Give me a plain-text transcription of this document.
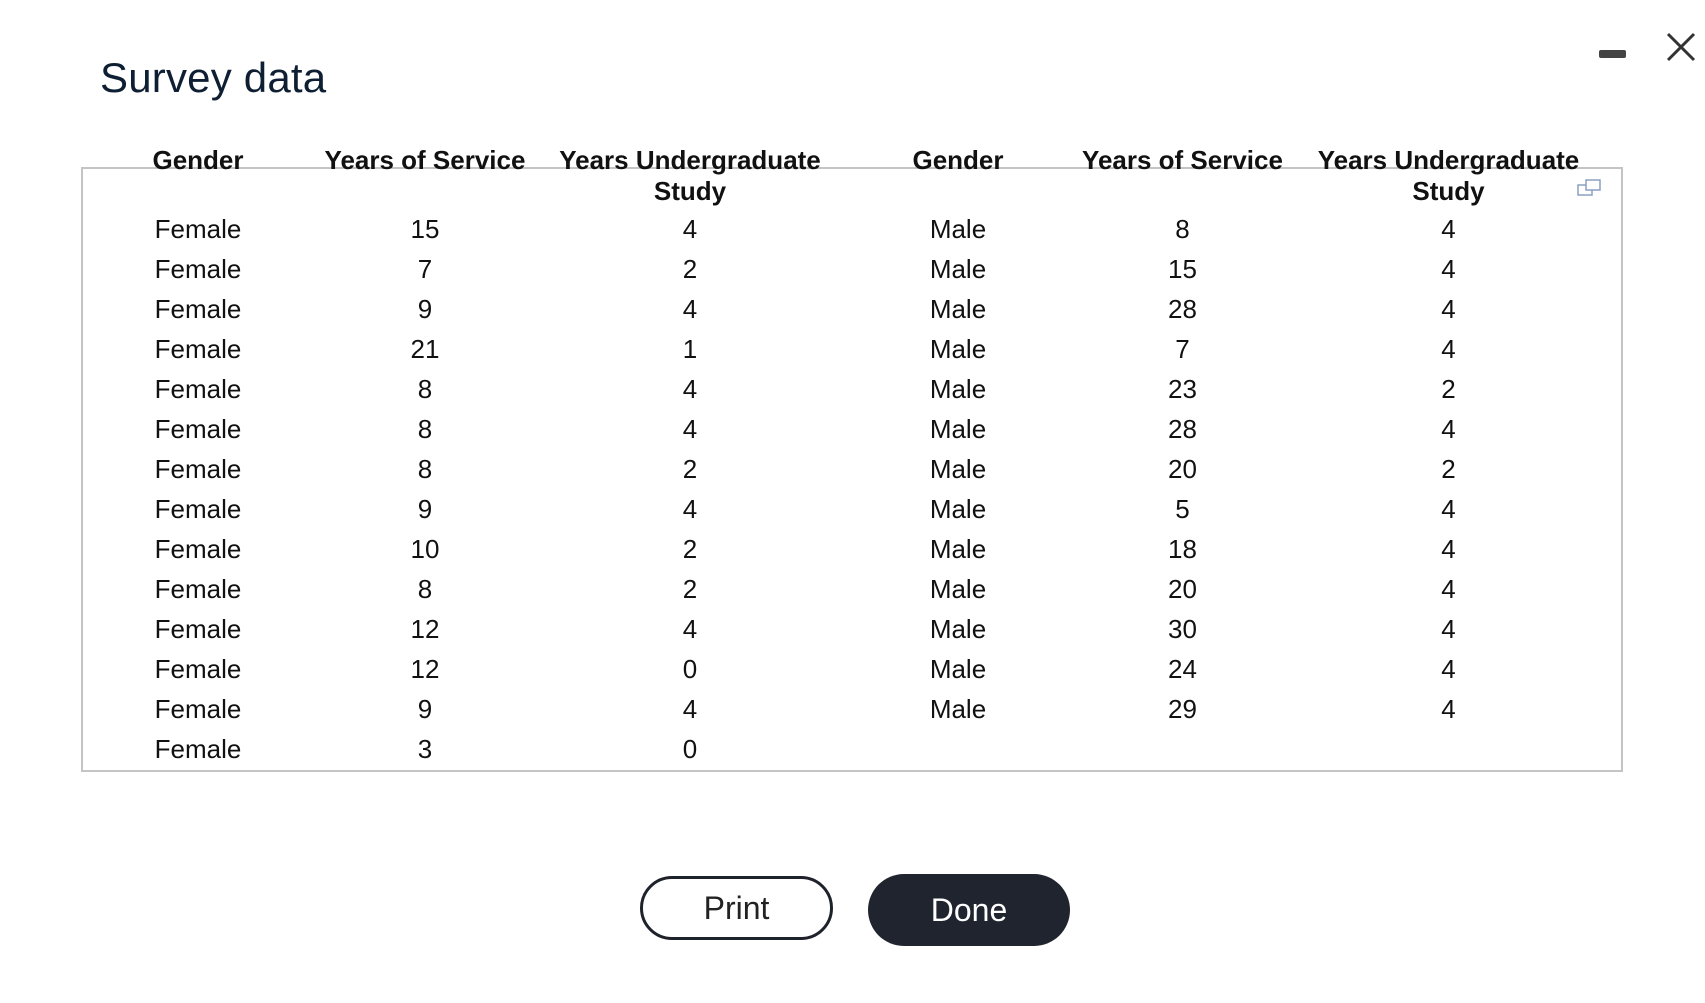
Survey data
Gender	Years of Service	Years Undergraduate Study	Gender	Years of Service	Years Undergraduate Study
Female	15	4	Male	8	4
Female	7	2	Male	15	4
Female	9	4	Male	28	4
Female	21	1	Male	7	4
Female	8	4	Male	23	2
Female	8	4	Male	28	4
Female	8	2	Male	20	2
Female	9	4	Male	5	4
Female	10	2	Male	18	4
Female	8	2	Male	20	4
Female	12	4	Male	30	4
Female	12	0	Male	24	4
Female	9	4	Male	29	4
Female	3	0			
Print	Done
